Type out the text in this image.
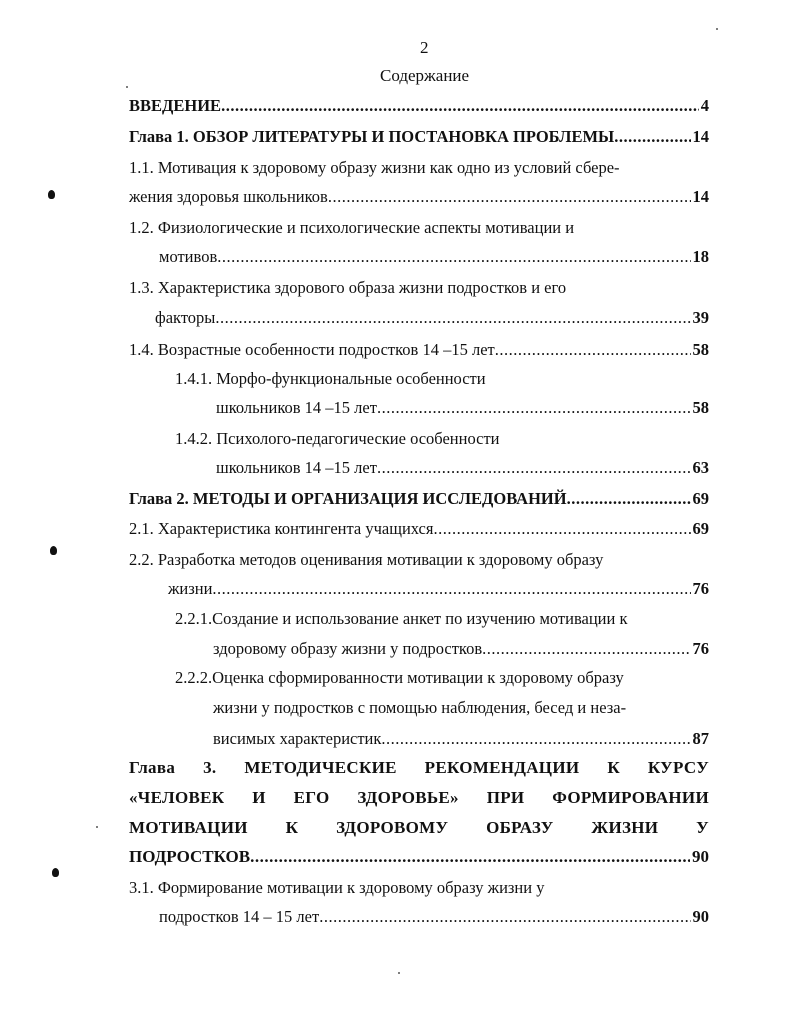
2
Содержание
ВВЕДЕНИЕ .....	4
Глава 1. ОБЗОР ЛИТЕРАТУРЫ И ПОСТАНОВКА ПРОБЛЕМЫ .....	14
1.1. Мотивация к здоровому образу жизни как одно из условий сбере-
жения здоровья школьников .....	14
1.2. Физиологические и психологические аспекты мотивации и
мотивов .....	18
1.3. Характеристика здорового образа жизни подростков и его
факторы .....	39
1.4. Возрастные особенности подростков 14 –15 лет .....	58
1.4.1. Морфо-функциональные особенности
школьников 14 –15 лет .....	58
1.4.2. Психолого-педагогические особенности
школьников 14 –15 лет .....	63
Глава 2. МЕТОДЫ И ОРГАНИЗАЦИЯ ИССЛЕДОВАНИЙ .....	69
2.1. Характеристика контингента учащихся .....	69
2.2. Разработка методов оценивания мотивации к здоровому образу
жизни .....	76
2.2.1.Создание и использование анкет по изучению мотивации к
здоровому образу жизни у подростков .....	76
2.2.2.Оценка сформированности мотивации к здоровому образу
жизни у подростков с помощью наблюдения, бесед и неза-
висимых характеристик .....	87
Глава 3. МЕТОДИЧЕСКИЕ РЕКОМЕНДАЦИИ К КУРСУ
«ЧЕЛОВЕК И ЕГО ЗДОРОВЬЕ» ПРИ ФОРМИРОВАНИИ
МОТИВАЦИИ К ЗДОРОВОМУ ОБРАЗУ ЖИЗНИ У
ПОДРОСТКОВ .....	90
3.1. Формирование мотивации к здоровому образу жизни у
подростков 14 – 15 лет .....	90
